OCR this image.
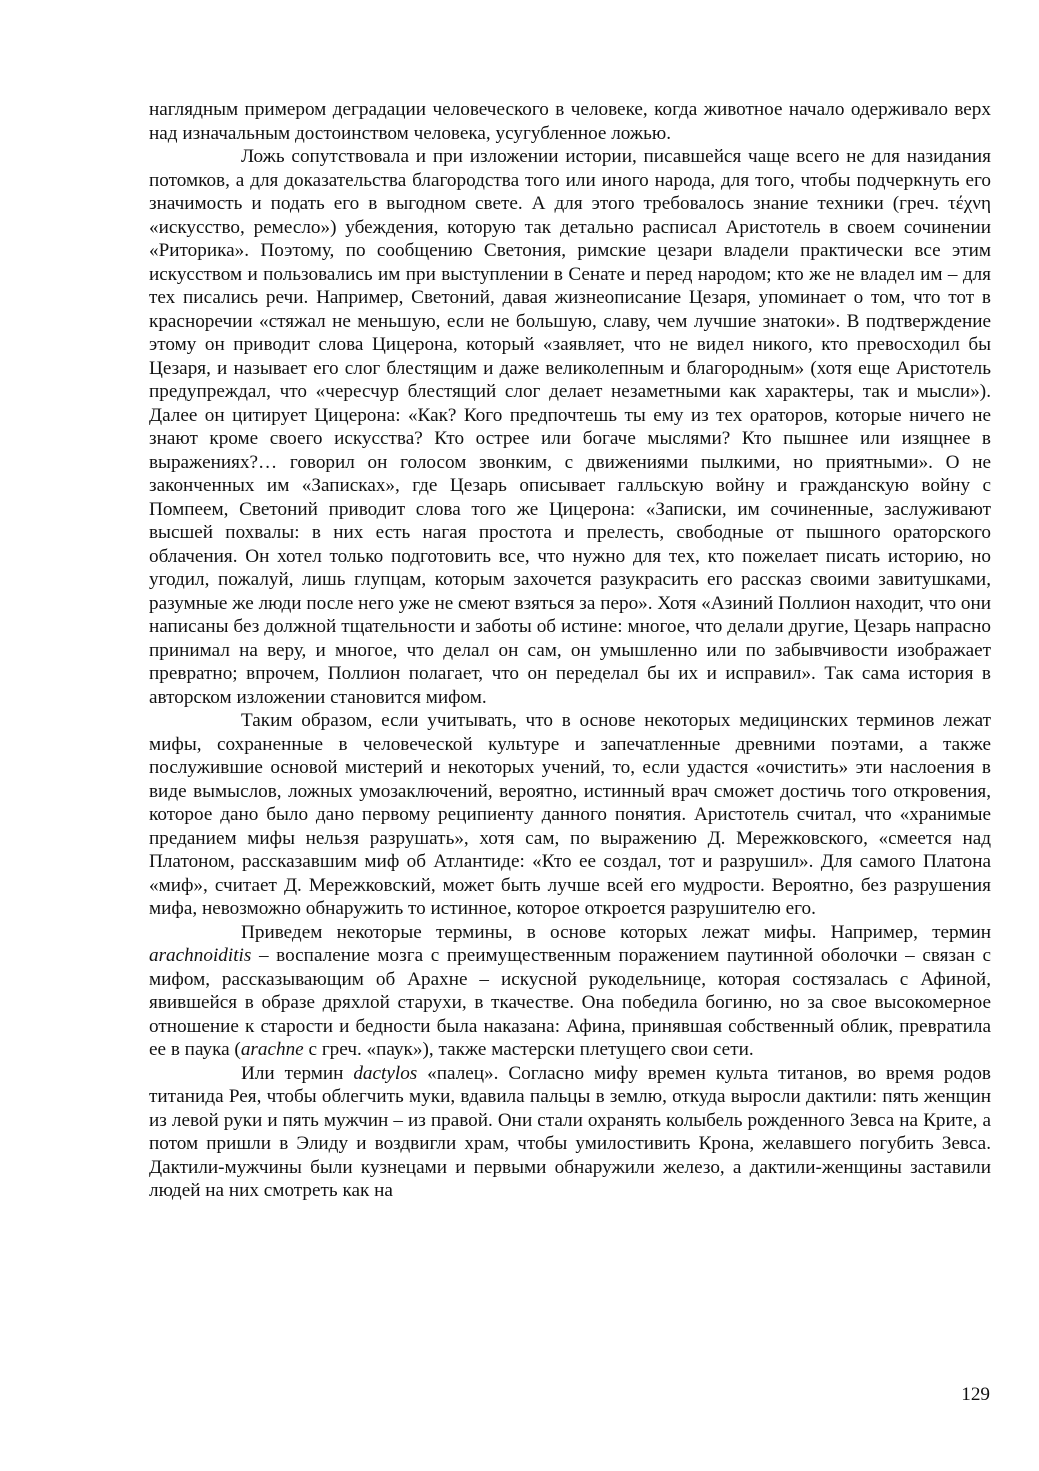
наглядным примером деградации человеческого в человеке, когда животное начало одерживало верх над изначальным достоинством человека, усугубленное ложью.

Ложь сопутствовала и при изложении истории, писавшейся чаще всего не для назидания потомков, а для доказательства благородства того или иного народа, для того, чтобы подчеркнуть его значимость и подать его в выгодном свете. А для этого требовалось знание техники (греч. τέχνη «искусство, ремесло») убеждения, которую так детально расписал Аристотель в своем сочинении «Риторика». Поэтому, по сообщению Светония, римские цезари владели практически все этим искусством и пользовались им при выступлении в Сенате и перед народом; кто же не владел им – для тех писались речи. Например, Светоний, давая жизнеописание Цезаря, упоминает о том, что тот в красноречии «стяжал не меньшую, если не большую, славу, чем лучшие знатоки». В подтверждение этому он приводит слова Цицерона, который «заявляет, что не видел никого, кто превосходил бы Цезаря, и называет его слог блестящим и даже великолепным и благородным» (хотя еще Аристотель предупреждал, что «чересчур блестящий слог делает незаметными как характеры, так и мысли»). Далее он цитирует Цицерона: «Как? Кого предпочтешь ты ему из тех ораторов, которые ничего не знают кроме своего искусства? Кто острее или богаче мыслями? Кто пышнее или изящнее в выражениях?… говорил он голосом звонким, с движениями пылкими, но приятными». О не законченных им «Записках», где Цезарь описывает галльскую войну и гражданскую войну с Помпеем, Светоний приводит слова того же Цицерона: «Записки, им сочиненные, заслуживают высшей похвалы: в них есть нагая простота и прелесть, свободные от пышного ораторского облачения. Он хотел только подготовить все, что нужно для тех, кто пожелает писать историю, но угодил, пожалуй, лишь глупцам, которым захочется разукрасить его рассказ своими завитушками, разумные же люди после него уже не смеют взяться за перо». Хотя «Азиний Поллион находит, что они написаны без должной тщательности и заботы об истине: многое, что делали другие, Цезарь напрасно принимал на веру, и многое, что делал он сам, он умышленно или по забывчивости изображает превратно; впрочем, Поллион полагает, что он переделал бы их и исправил». Так сама история в авторском изложении становится мифом.

Таким образом, если учитывать, что в основе некоторых медицинских терминов лежат мифы, сохраненные в человеческой культуре и запечатленные древними поэтами, а также послужившие основой мистерий и некоторых учений, то, если удастся «очистить» эти наслоения в виде вымыслов, ложных умозаключений, вероятно, истинный врач сможет достичь того откровения, которое дано было дано первому реципиенту данного понятия. Аристотель считал, что «хранимые преданием мифы нельзя разрушать», хотя сам, по выражению Д. Мережковского, «смеется над Платоном, рассказавшим миф об Атлантиде: «Кто ее создал, тот и разрушил». Для самого Платона «миф», считает Д. Мережковский, может быть лучше всей его мудрости. Вероятно, без разрушения мифа, невозможно обнаружить то истинное, которое откроется разрушителю его.

Приведем некоторые термины, в основе которых лежат мифы. Например, термин arachnoiditis – воспаление мозга с преимущественным поражением паутинной оболочки – связан с мифом, рассказывающим об Арахне – искусной рукодельнице, которая состязалась с Афиной, явившейся в образе дряхлой старухи, в ткачестве. Она победила богиню, но за свое высокомерное отношение к старости и бедности была наказана: Афина, принявшая собственный облик, превратила ее в паука (arachne с греч. «паук»), также мастерски плетущего свои сети.

Или термин dactylos «палец». Согласно мифу времен культа титанов, во время родов титанида Рея, чтобы облегчить муки, вдавила пальцы в землю, откуда выросли дактили: пять женщин из левой руки и пять мужчин – из правой. Они стали охранять колыбель рожденного Зевса на Крите, а потом пришли в Элиду и воздвигли храм, чтобы умилостивить Крона, желавшего погубить Зевса. Дактили-мужчины были кузнецами и первыми обнаружили железо, а дактили-женщины заставили людей на них смотреть как на

129
